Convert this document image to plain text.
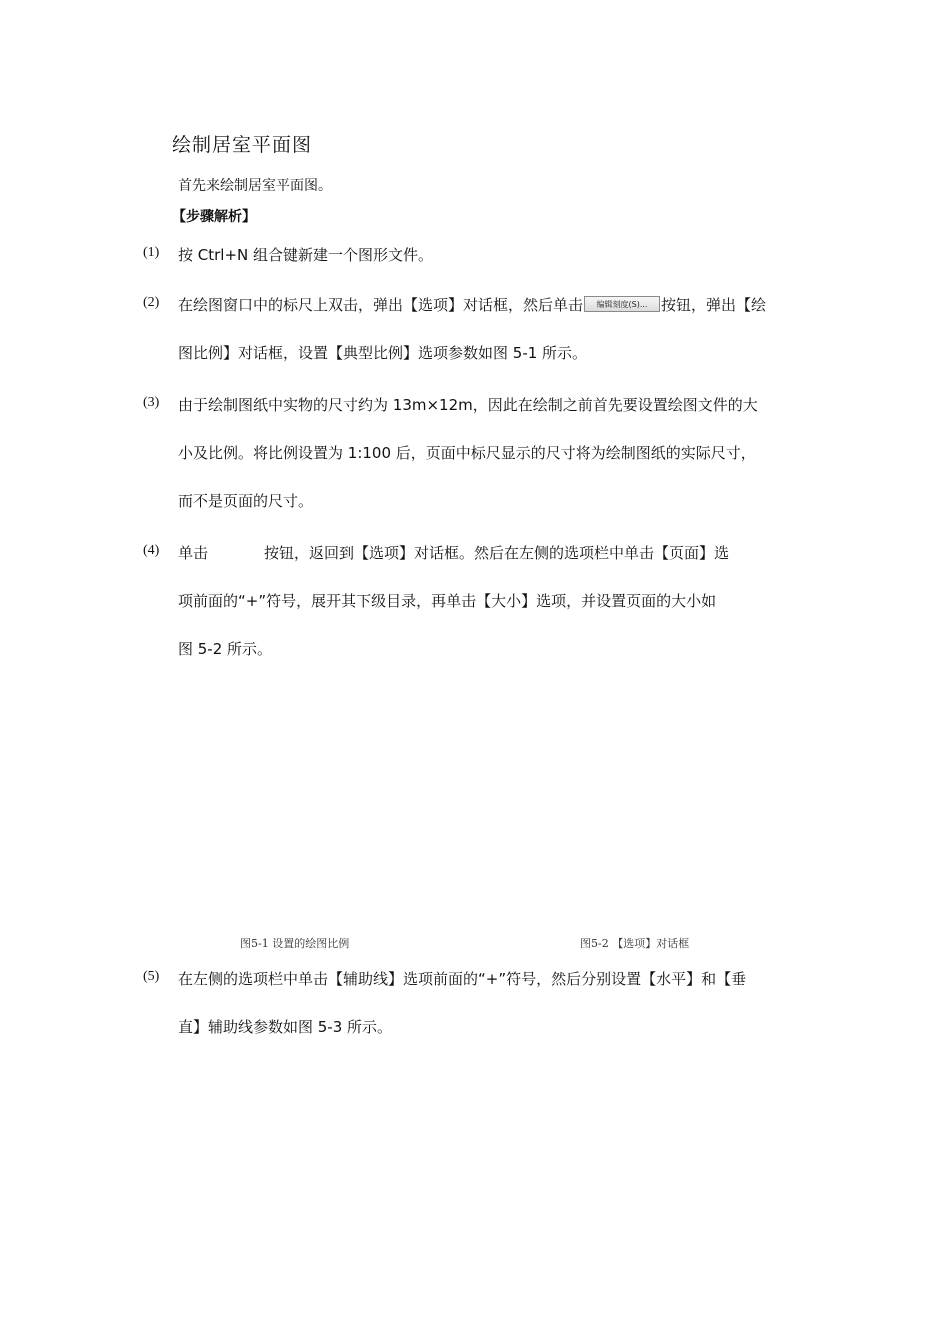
绘制居室平面图
首先来绘制居室平面图。
【步骤解析】
(1) 按 Ctrl+N 组合键新建一个图形文件。
(2) 在绘图窗口中的标尺上双击，弹出【选项】对话框，然后单击 编辑刻度(S)... 按钮，弹出【绘
图比例】对话框，设置【典型比例】选项参数如图 5-1 所示。
(3) 由于绘制图纸中实物的尺寸约为 13m×12m，因此在绘制之前首先要设置绘图文件的大
小及比例。将比例设置为 1:100 后，页面中标尺显示的尺寸将为绘制图纸的实际尺寸，
而不是页面的尺寸。
(4) 单击	按钮，返回到【选项】对话框。然后在左侧的选项栏中单击【页面】选
项前面的“+”符号，展开其下级目录，再单击【大小】选项，并设置页面的大小如
图 5-2 所示。
图5-1 设置的绘图比例	图5-2 【选项】对话框
(5) 在左侧的选项栏中单击【辅助线】选项前面的“+”符号，然后分别设置【水平】和【垂
直】辅助线参数如图 5-3 所示。
